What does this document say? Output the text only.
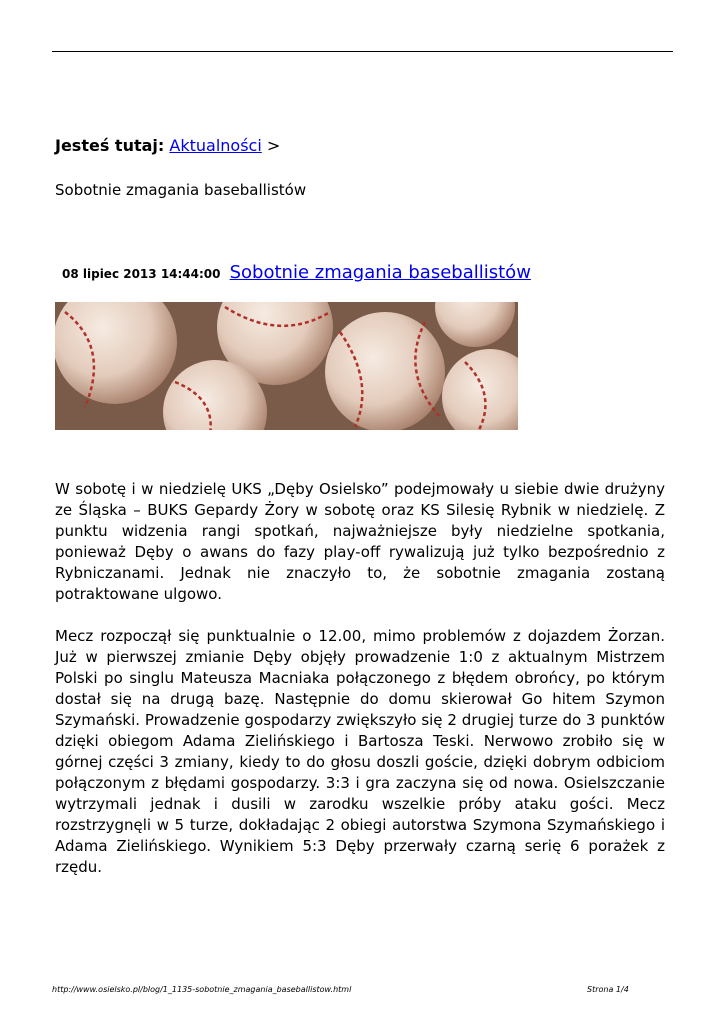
Jesteś tutaj: Aktualności >
Sobotnie zmagania baseballistów
08 lipiec 2013 14:44:00 Sobotnie zmagania baseballistów
W sobotę i w niedzielę UKS „Dęby Osielsko” podejmowały u siebie dwie drużyny ze Śląska – BUKS Gepardy Żory w sobotę oraz KS Silesię Rybnik w niedzielę. Z punktu widzenia rangi spotkań, najważniejsze były niedzielne spotkania, ponieważ Dęby o awans do fazy play-off rywalizują już tylko bezpośrednio z Rybniczanami. Jednak nie znaczyło to, że sobotnie zmagania zostaną potraktowane ulgowo.
Mecz rozpoczął się punktualnie o 12.00, mimo problemów z dojazdem Żorzan. Już w pierwszej zmianie Dęby objęły prowadzenie 1:0 z aktualnym Mistrzem Polski po singlu Mateusza Macniaka połączonego z błędem obrońcy, po którym dostał się na drugą bazę. Następnie do domu skierował Go hitem Szymon Szymański. Prowadzenie gospodarzy zwiększyło się 2 drugiej turze do 3 punktów dzięki obiegom Adama Zielińskiego i Bartosza Teski. Nerwowo zrobiło się w górnej części 3 zmiany, kiedy to do głosu doszli goście, dzięki dobrym odbiciom połączonym z błędami gospodarzy. 3:3 i gra zaczyna się od nowa. Osielszczanie wytrzymali jednak i dusili w zarodku wszelkie próby ataku gości. Mecz rozstrzygnęli w 5 turze, dokładając 2 obiegi autorstwa Szymona Szymańskiego i Adama Zielińskiego. Wynikiem 5:3 Dęby przerwały czarną serię 6 porażek z rzędu.
http://www.osielsko.pl/blog/1_1135-sobotnie_zmagania_baseballistow.html	Strona 1/4
